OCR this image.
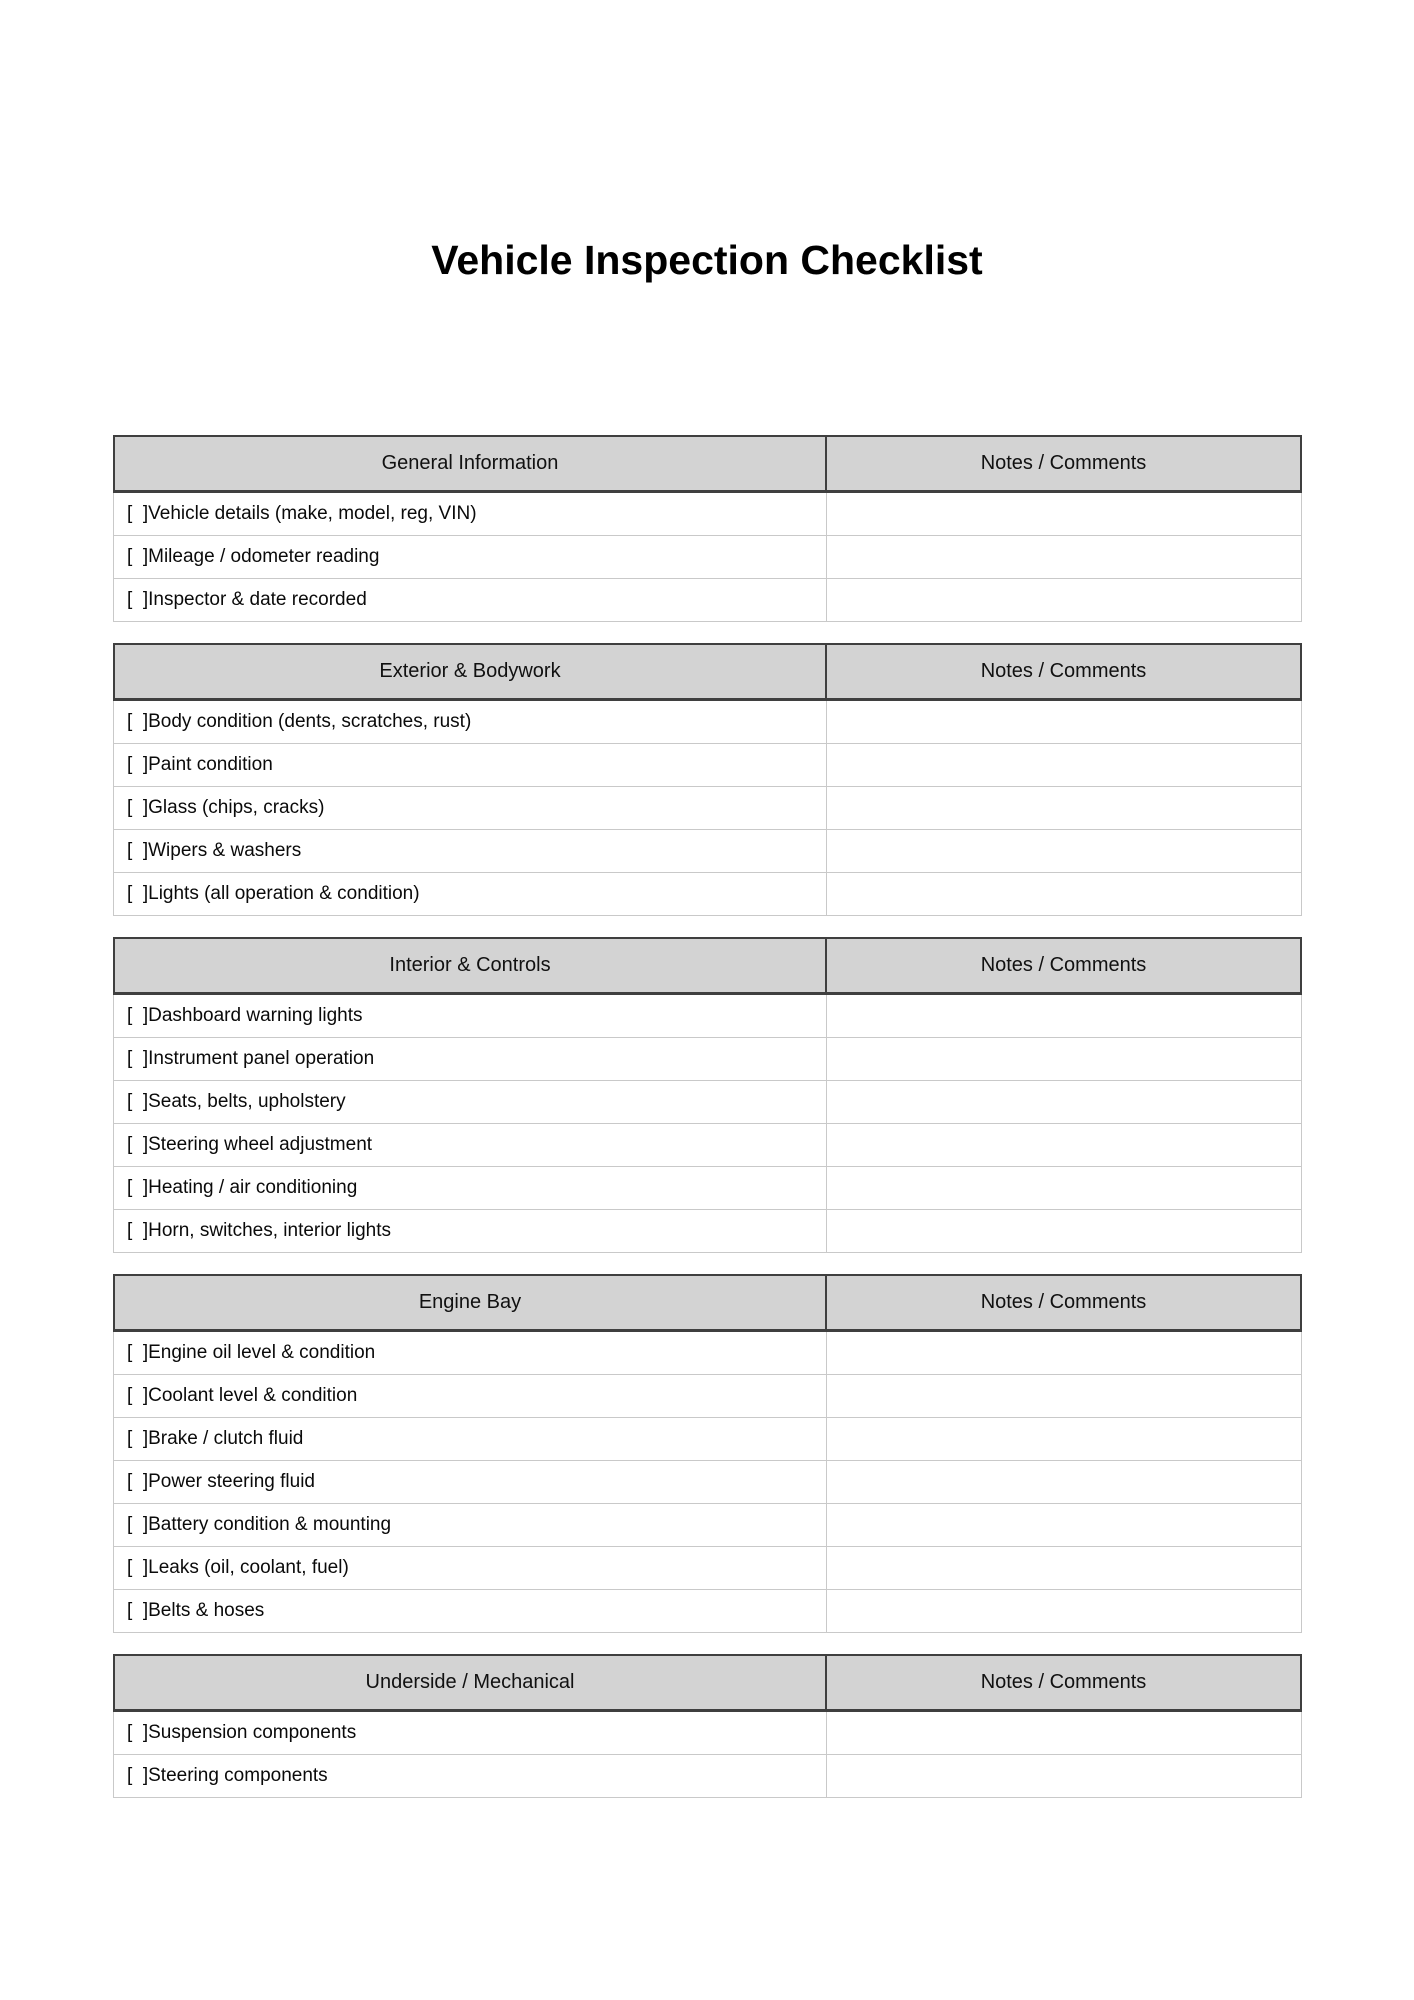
Vehicle Inspection Checklist
General Information	Notes / Comments
[  ] Vehicle details (make, model, reg, VIN)
[  ] Mileage / odometer reading
[  ] Inspector & date recorded
Exterior & Bodywork	Notes / Comments
[  ] Body condition (dents, scratches, rust)
[  ] Paint condition
[  ] Glass (chips, cracks)
[  ] Wipers & washers
[  ] Lights (all operation & condition)
Interior & Controls	Notes / Comments
[  ] Dashboard warning lights
[  ] Instrument panel operation
[  ] Seats, belts, upholstery
[  ] Steering wheel adjustment
[  ] Heating / air conditioning
[  ] Horn, switches, interior lights
Engine Bay	Notes / Comments
[  ] Engine oil level & condition
[  ] Coolant level & condition
[  ] Brake / clutch fluid
[  ] Power steering fluid
[  ] Battery condition & mounting
[  ] Leaks (oil, coolant, fuel)
[  ] Belts & hoses
Underside / Mechanical	Notes / Comments
[  ] Suspension components
[  ] Steering components
